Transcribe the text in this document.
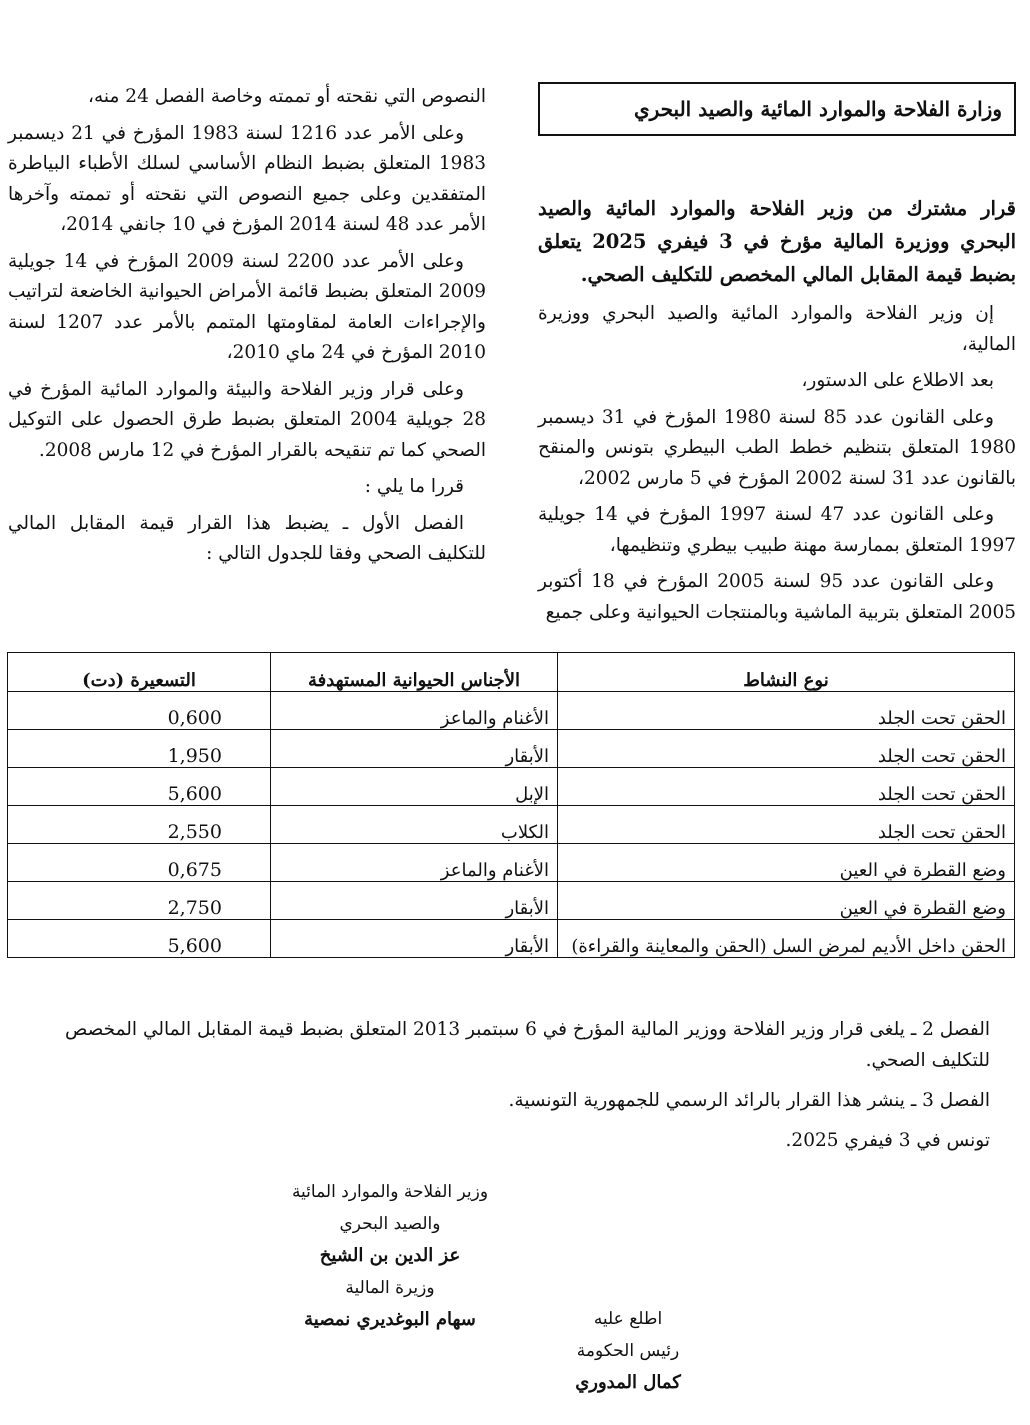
وزارة الفلاحة والموارد المائية والصيد البحري
قرار مشترك من وزير الفلاحة والموارد المائية والصيد البحري ووزيرة المالية مؤرخ في 3 فيفري 2025 يتعلق بضبط قيمة المقابل المالي المخصص للتكليف الصحي.

إن وزير الفلاحة والموارد المائية والصيد البحري ووزيرة المالية،

بعد الاطلاع على الدستور،

وعلى القانون عدد 85 لسنة 1980 المؤرخ في 31 ديسمبر 1980 المتعلق بتنظيم خطط الطب البيطري بتونس والمنقح بالقانون عدد 31 لسنة 2002 المؤرخ في 5 مارس 2002،

وعلى القانون عدد 47 لسنة 1997 المؤرخ في 14 جويلية 1997 المتعلق بممارسة مهنة طبيب بيطري وتنظيمها،

وعلى القانون عدد 95 لسنة 2005 المؤرخ في 18 أكتوبر 2005 المتعلق بتربية الماشية وبالمنتجات الحيوانية وعلى جميع

النصوص التي نقحته أو تممته وخاصة الفصل 24 منه،

وعلى الأمر عدد 1216 لسنة 1983 المؤرخ في 21 ديسمبر 1983 المتعلق بضبط النظام الأساسي لسلك الأطباء البياطرة المتفقدين وعلى جميع النصوص التي نقحته أو تممته وآخرها الأمر عدد 48 لسنة 2014 المؤرخ في 10 جانفي 2014،

وعلى الأمر عدد 2200 لسنة 2009 المؤرخ في 14 جويلية 2009 المتعلق بضبط قائمة الأمراض الحيوانية الخاضعة لتراتيب والإجراءات العامة لمقاومتها المتمم بالأمر عدد 1207 لسنة 2010 المؤرخ في 24 ماي 2010،

وعلى قرار وزير الفلاحة والبيئة والموارد المائية المؤرخ في 28 جويلية 2004 المتعلق بضبط طرق الحصول على التوكيل الصحي كما تم تنقيحه بالقرار المؤرخ في 12 مارس 2008.

قررا ما يلي :

الفصل الأول ـ يضبط هذا القرار قيمة المقابل المالي للتكليف الصحي وفقا للجدول التالي :

نوع النشاط	الأجناس الحيوانية المستهدفة	التسعيرة (دت)
الحقن تحت الجلد	الأغنام والماعز	0,600
الحقن تحت الجلد	الأبقار	1,950
الحقن تحت الجلد	الإبل	5,600
الحقن تحت الجلد	الكلاب	2,550
وضع القطرة في العين	الأغنام والماعز	0,675
وضع القطرة في العين	الأبقار	2,750
الحقن داخل الأديم لمرض السل (الحقن والمعاينة والقراءة)	الأبقار	5,600

الفصل 2 ـ يلغى قرار وزير الفلاحة ووزير المالية المؤرخ في 6 سبتمبر 2013 المتعلق بضبط قيمة المقابل المالي المخصص للتكليف الصحي.

الفصل 3 ـ ينشر هذا القرار بالرائد الرسمي للجمهورية التونسية.

تونس في 3 فيفري 2025.

وزير الفلاحة والموارد المائية
والصيد البحري
عز الدين بن الشيخ
وزيرة المالية
سهام البوغديري نمصية	اطلع عليه
رئيس الحكومة
كمال المدوري
